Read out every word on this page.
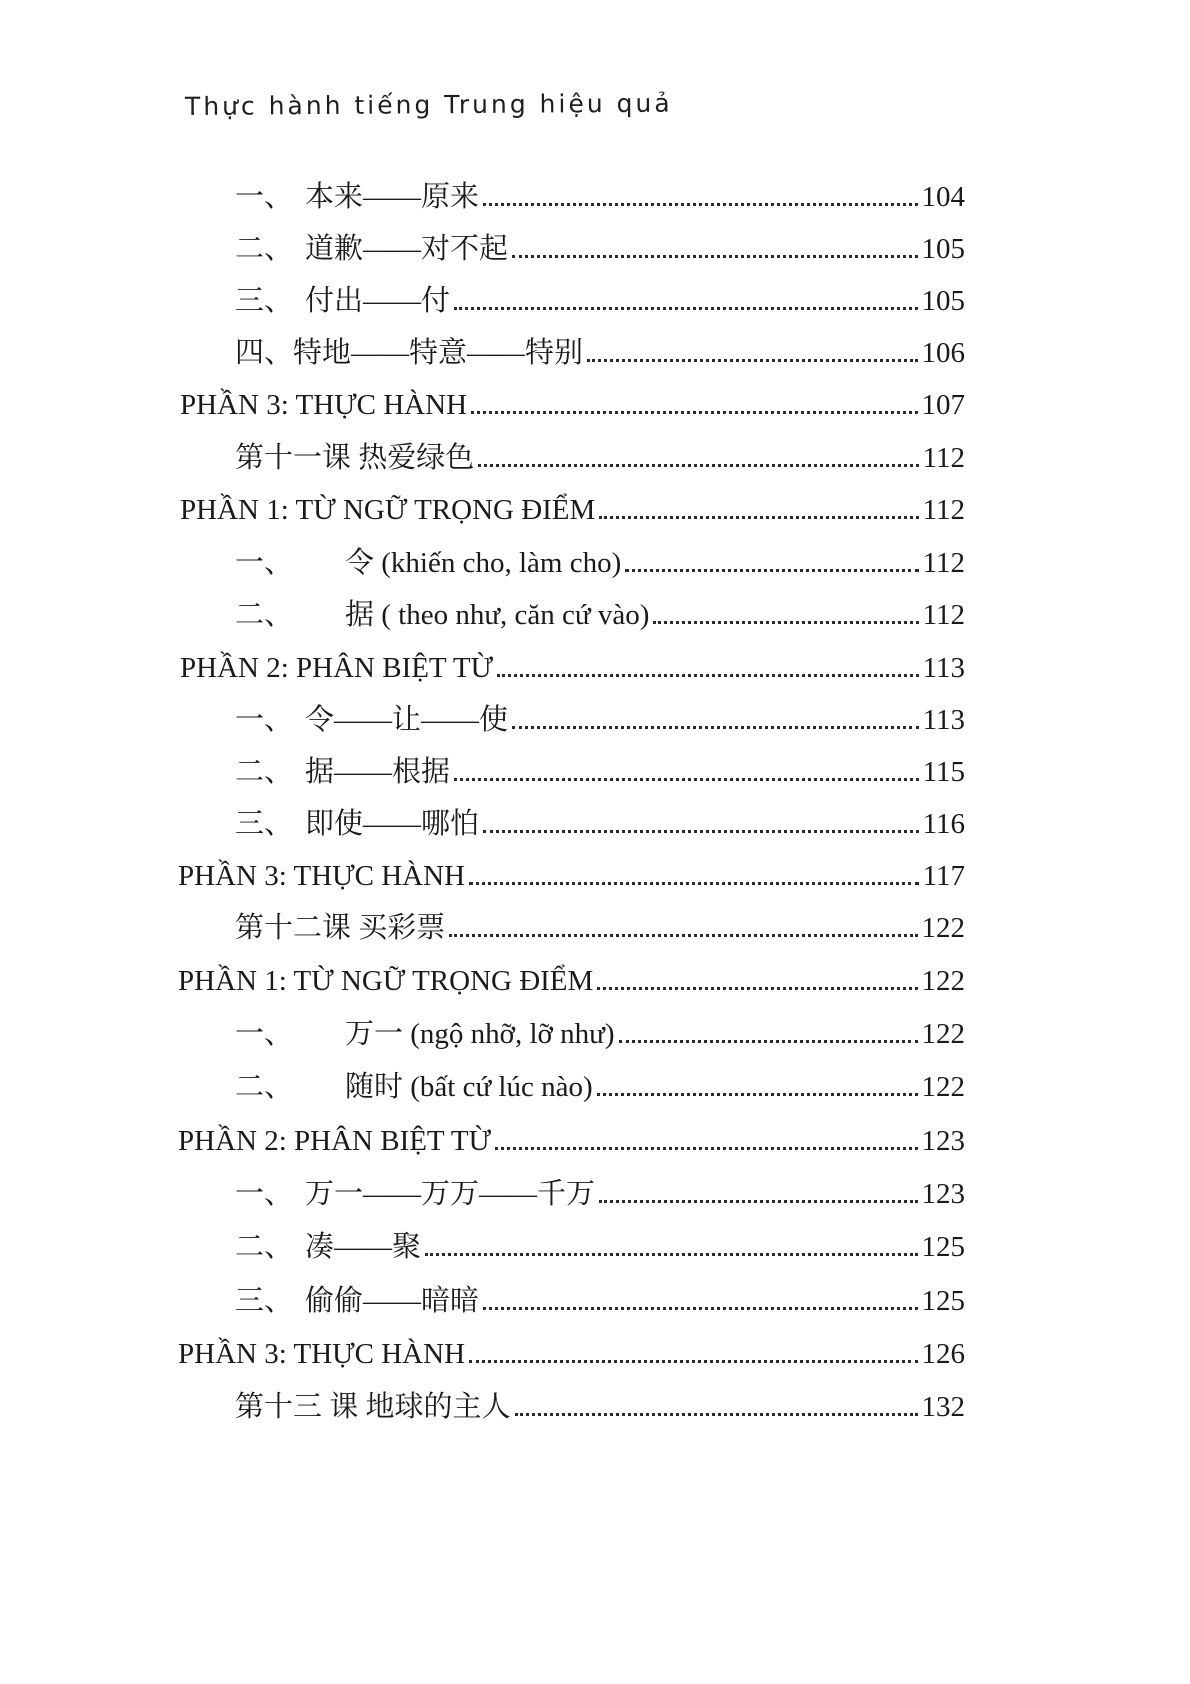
Thực hành tiếng Trung hiệu quả
一、 本来——原来	104
二、 道歉——对不起	105
三、 付出——付	105
四、 特地——特意——特别	106
PHẦN 3: THỰC HÀNH	107
第十一课 热爱绿色	112
PHẦN 1: TỪ NGỮ TRỌNG ĐIỂM	112
一、	令 (khiến cho, làm cho)	112
二、	据 ( theo như, căn cứ vào)	112
PHẦN 2: PHÂN BIỆT TỪ	113
一、 令——让——使	113
二、 据——根据	115
三、 即使——哪怕	116
PHẦN 3: THỰC HÀNH	117
第十二课 买彩票	122
PHẦN 1: TỪ NGỮ TRỌNG ĐIỂM	122
一、	万一 (ngộ nhỡ, lỡ như)	122
二、	随时 (bất cứ lúc nào)	122
PHẦN 2: PHÂN BIỆT TỪ	123
一、 万一——万万——千万	123
二、 凑——聚	125
三、 偷偷——暗暗	125
PHẦN 3: THỰC HÀNH	126
第十三 课 地球的主人	132
